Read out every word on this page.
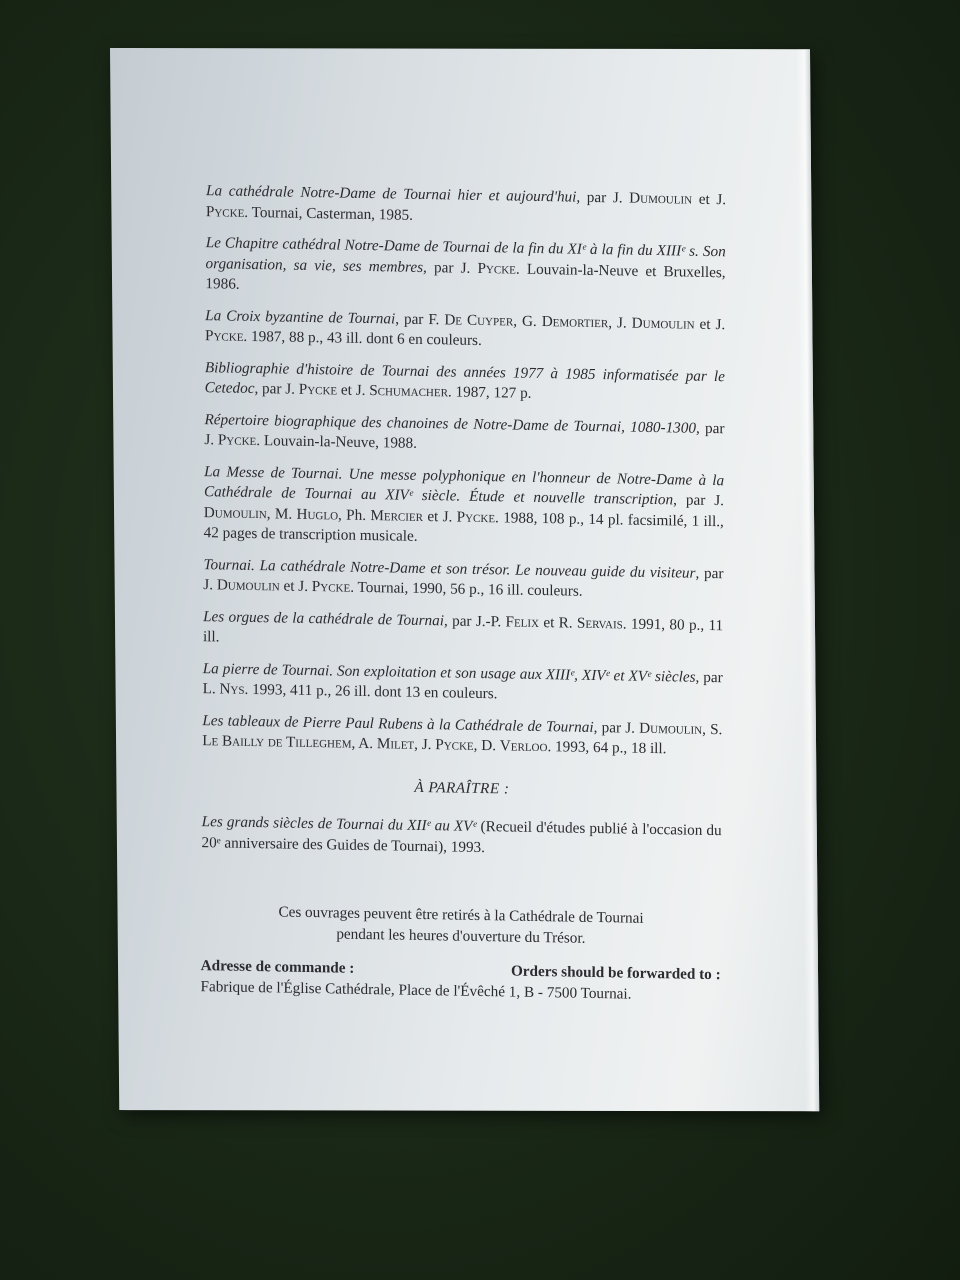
La cathédrale Notre-Dame de Tournai hier et aujourd'hui, par J. Dumoulin et J. Pycke. Tournai, Casterman, 1985.

Le Chapitre cathédral Notre-Dame de Tournai de la fin du XIᵉ à la fin du XIIIᵉ s. Son organisation, sa vie, ses membres, par J. Pycke. Louvain-la-Neuve et Bruxelles, 1986.

La Croix byzantine de Tournai, par F. De Cuyper, G. Demortier, J. Dumoulin et J. Pycke. 1987, 88 p., 43 ill. dont 6 en couleurs.

Bibliographie d'histoire de Tournai des années 1977 à 1985 informatisée par le Cetedoc, par J. Pycke et J. Schumacher. 1987, 127 p.

Répertoire biographique des chanoines de Notre-Dame de Tournai, 1080-1300, par J. Pycke. Louvain-la-Neuve, 1988.

La Messe de Tournai. Une messe polyphonique en l'honneur de Notre-Dame à la Cathédrale de Tournai au XIVᵉ siècle. Étude et nouvelle transcription, par J. Dumoulin, M. Huglo, Ph. Mercier et J. Pycke. 1988, 108 p., 14 pl. facsimilé, 1 ill., 42 pages de transcription musicale.

Tournai. La cathédrale Notre-Dame et son trésor. Le nouveau guide du visiteur, par J. Dumoulin et J. Pycke. Tournai, 1990, 56 p., 16 ill. couleurs.

Les orgues de la cathédrale de Tournai, par J.-P. Felix et R. Servais. 1991, 80 p., 11 ill.

La pierre de Tournai. Son exploitation et son usage aux XIIIᵉ, XIVᵉ et XVᵉ siècles, par L. Nys. 1993, 411 p., 26 ill. dont 13 en couleurs.

Les tableaux de Pierre Paul Rubens à la Cathédrale de Tournai, par J. Dumoulin, S. Le Bailly de Tilleghem, A. Milet, J. Pycke, D. Verloo. 1993, 64 p., 18 ill.

À PARAÎTRE :

Les grands siècles de Tournai du XIIᵉ au XVᵉ (Recueil d'études publié à l'occasion du 20ᵉ anniversaire des Guides de Tournai), 1993.

Ces ouvrages peuvent être retirés à la Cathédrale de Tournai
pendant les heures d'ouverture du Trésor.
Adresse de commande :	Orders should be forwarded to :

Fabrique de l'Église Cathédrale, Place de l'Évêché 1, B - 7500 Tournai.
